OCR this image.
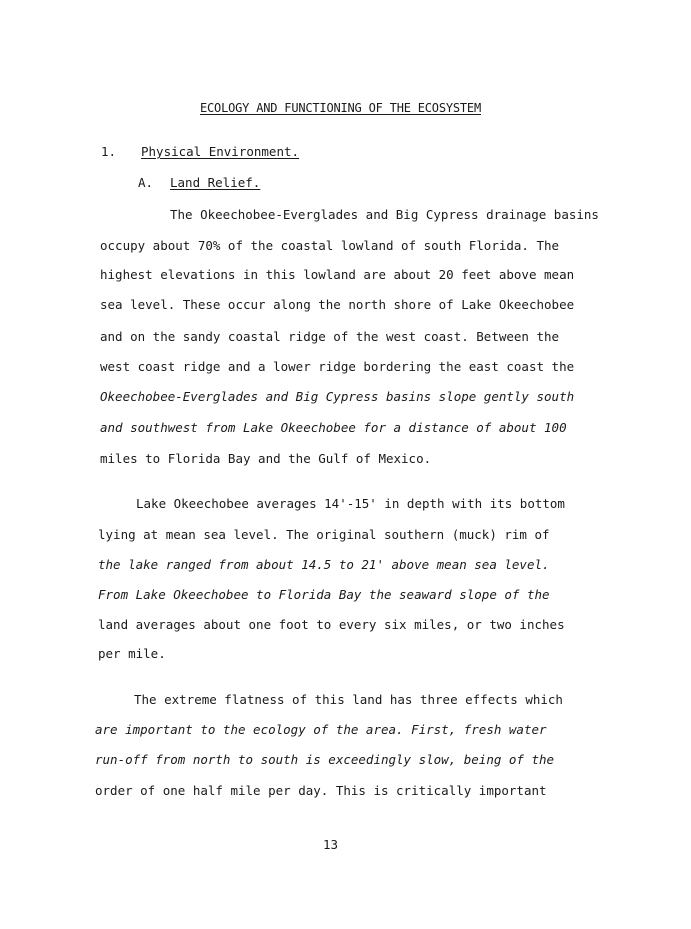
ECOLOGY AND FUNCTIONING OF THE ECOSYSTEM
1. Physical Environment.
A. Land Relief.
The Okeechobee-Everglades and Big Cypress drainage basins
occupy about 70% of the coastal lowland of south Florida. The
highest elevations in this lowland are about 20 feet above mean
sea level. These occur along the north shore of Lake Okeechobee
and on the sandy coastal ridge of the west coast. Between the
west coast ridge and a lower ridge bordering the east coast the
Okeechobee-Everglades and Big Cypress basins slope gently south
and southwest from Lake Okeechobee for a distance of about 100
miles to Florida Bay and the Gulf of Mexico.
Lake Okeechobee averages 14'-15' in depth with its bottom
lying at mean sea level. The original southern (muck) rim of
the lake ranged from about 14.5 to 21' above mean sea level.
From Lake Okeechobee to Florida Bay the seaward slope of the
land averages about one foot to every six miles, or two inches
per mile.
The extreme flatness of this land has three effects which
are important to the ecology of the area. First, fresh water
run-off from north to south is exceedingly slow, being of the
order of one half mile per day. This is critically important
13
